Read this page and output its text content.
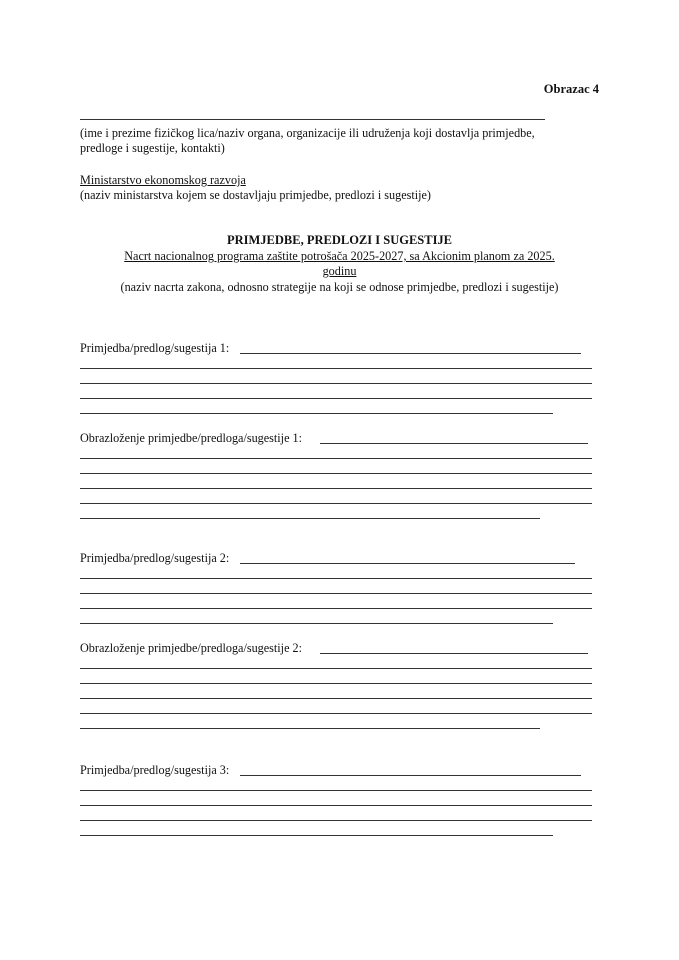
Obrazac 4
(ime i prezime fizičkog lica/naziv organa, organizacije ili udruženja koji dostavlja primjedbe, predloge i sugestije, kontakti)
Ministarstvo ekonomskog razvoja
(naziv ministarstva kojem se dostavljaju primjedbe, predlozi i sugestije)
PRIMJEDBE, PREDLOZI I SUGESTIJE
Nacrt nacionalnog programa zaštite potrošača 2025-2027, sa Akcionim planom za 2025.
godinu
(naziv nacrta zakona, odnosno strategije na koji se odnose primjedbe, predlozi i sugestije)
Primjedba/predlog/sugestija 1:
Obrazloženje primjedbe/predloga/sugestije 1:
Primjedba/predlog/sugestija 2:
Obrazloženje primjedbe/predloga/sugestije 2:
Primjedba/predlog/sugestija 3:
